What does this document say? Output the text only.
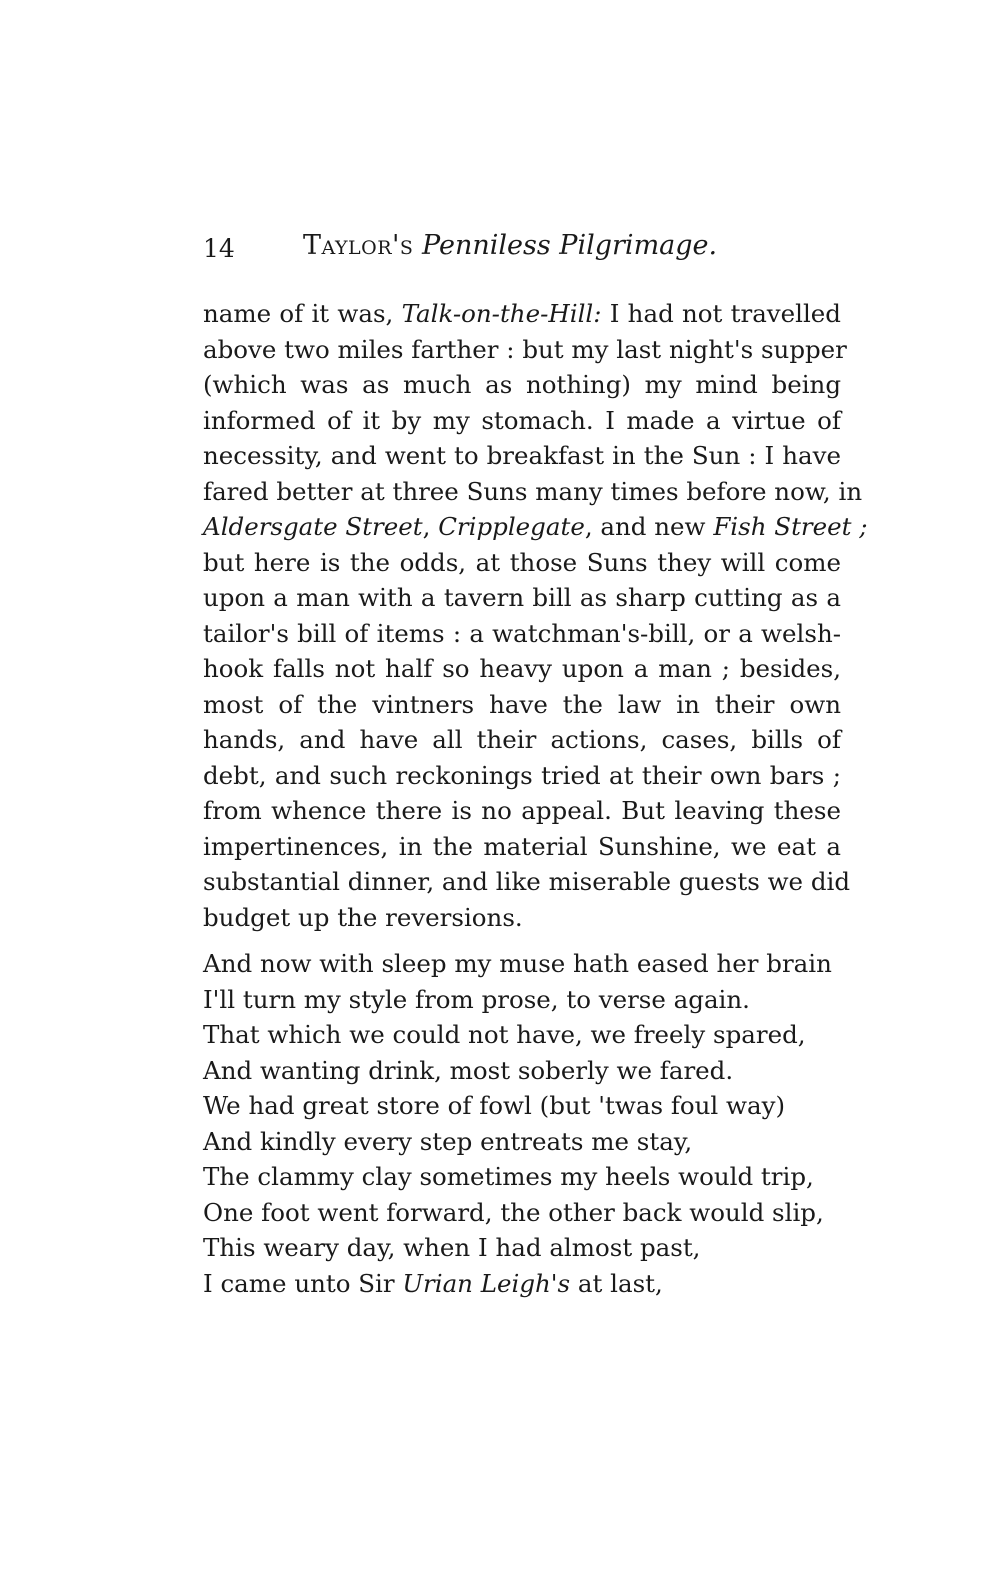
14	Taylor's Penniless Pilgrimage.
name of it was, Talk-on-the-Hill: I had not travelled
above two miles farther : but my last night's supper
(which was as much as nothing) my mind being
informed of it by my stomach. I made a virtue of
necessity, and went to breakfast in the Sun : I have
fared better at three Suns many times before now, in
Aldersgate Street, Cripplegate, and new Fish Street ;
but here is the odds, at those Suns they will come
upon a man with a tavern bill as sharp cutting as a
tailor's bill of items : a watchman's-bill, or a welsh-
hook falls not half so heavy upon a man ; besides,
most of the vintners have the law in their own
hands, and have all their actions, cases, bills of
debt, and such reckonings tried at their own bars ;
from whence there is no appeal. But leaving these
impertinences, in the material Sunshine, we eat a
substantial dinner, and like miserable guests we did
budget up the reversions.
And now with sleep my muse hath eased her brain
I'll turn my style from prose, to verse again.
That which we could not have, we freely spared,
And wanting drink, most soberly we fared.
We had great store of fowl (but 'twas foul way)
And kindly every step entreats me stay,
The clammy clay sometimes my heels would trip,
One foot went forward, the other back would slip,
This weary day, when I had almost past,
I came unto Sir Urian Leigh's at last,
